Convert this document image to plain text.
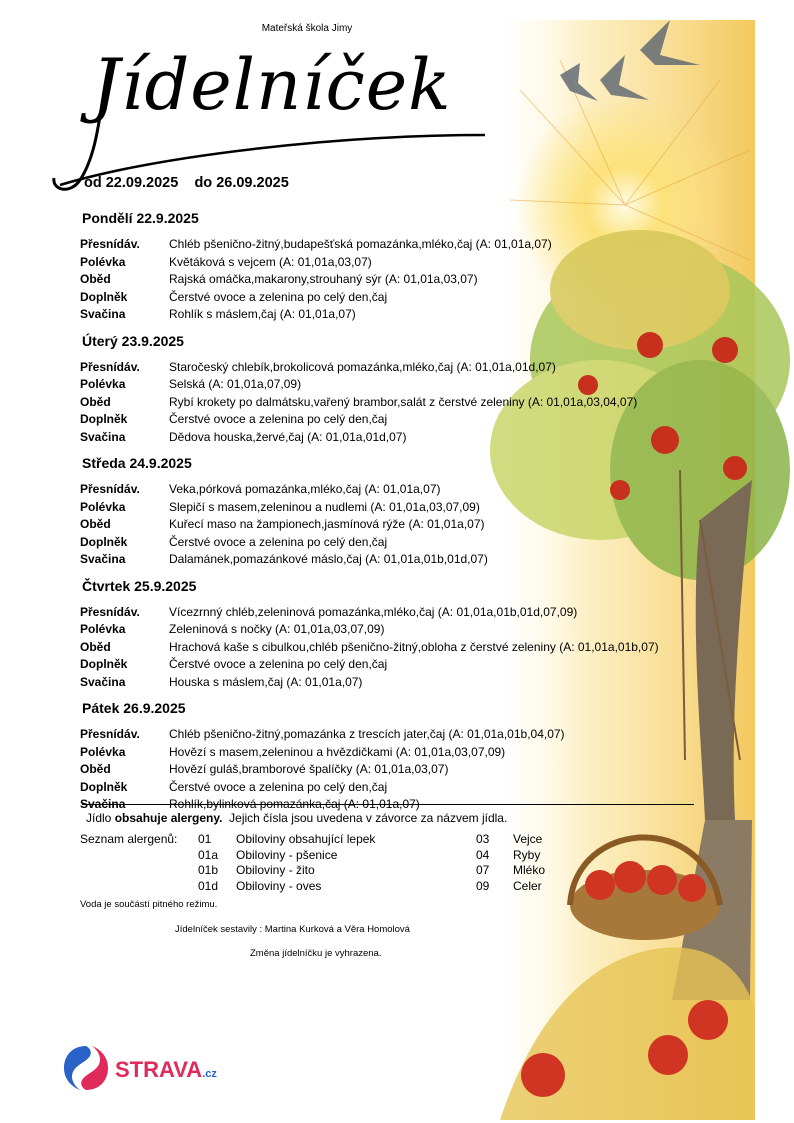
Mateřská škola Jimy
Jídelníček
od 22.09.2025 do 26.09.2025
Pondělí 22.9.2025
Přesnídáv.	Chléb pšenično-žitný,budapešťská pomazánka,mléko,čaj (A: 01,01a,07)
Polévka	Květáková s vejcem (A: 01,01a,03,07)
Oběd	Rajská omáčka,makarony,strouhaný sýr (A: 01,01a,03,07)
Doplněk	Čerstvé ovoce a zelenina po celý den,čaj
Svačina	Rohlík s máslem,čaj (A: 01,01a,07)
Úterý 23.9.2025
Přesnídáv.	Staročeský chlebík,brokolicová pomazánka,mléko,čaj (A: 01,01a,01d,07)
Polévka	Selská (A: 01,01a,07,09)
Oběd	Rybí krokety po dalmátsku,vařený brambor,salát z čerstvé zeleniny (A: 01,01a,03,04,07)
Doplněk	Čerstvé ovoce a zelenina po celý den,čaj
Svačina	Dědova houska,žervé,čaj (A: 01,01a,01d,07)
Středa 24.9.2025
Přesnídáv.	Veka,pórková pomazánka,mléko,čaj (A: 01,01a,07)
Polévka	Slepičí s masem,zeleninou a nudlemi (A: 01,01a,03,07,09)
Oběd	Kuřecí maso na žampionech,jasmínová rýže (A: 01,01a,07)
Doplněk	Čerstvé ovoce a zelenina po celý den,čaj
Svačina	Dalamánek,pomazánkové máslo,čaj (A: 01,01a,01b,01d,07)
Čtvrtek 25.9.2025
Přesnídáv.	Vícezrnný chléb,zeleninová pomazánka,mléko,čaj (A: 01,01a,01b,01d,07,09)
Polévka	Zeleninová s nočky (A: 01,01a,03,07,09)
Oběd	Hrachová kaše s cibulkou,chléb pšenično-žitný,obloha z čerstvé zeleniny (A: 01,01a,01b,07)
Doplněk	Čerstvé ovoce a zelenina po celý den,čaj
Svačina	Houska s máslem,čaj (A: 01,01a,07)
Pátek 26.9.2025
Přesnídáv.	Chléb pšenično-žitný,pomazánka z trescích jater,čaj (A: 01,01a,01b,04,07)
Polévka	Hovězí s masem,zeleninou a hvězdičkami (A: 01,01a,03,07,09)
Oběd	Hovězí guláš,bramborové špalíčky (A: 01,01a,03,07)
Doplněk	Čerstvé ovoce a zelenina po celý den,čaj
Svačina	Rohlík,bylinková pomazánka,čaj (A: 01,01a,07)
Jídlo obsahuje alergeny.  Jejich čísla jsou uvedena v závorce za názvem jídla.
Seznam alergenů: 01 Obiloviny obsahující lepek	03 Vejce
01a Obiloviny - pšenice	04 Ryby
01b Obiloviny - žito	07 Mléko
01d Obiloviny - oves	09 Celer
Voda je součástí pitného režimu.
Jídelníček sestavily : Martina Kurková a Věra Homolová
Změna jídelníčku je vyhrazena.
STRAVA.cz
